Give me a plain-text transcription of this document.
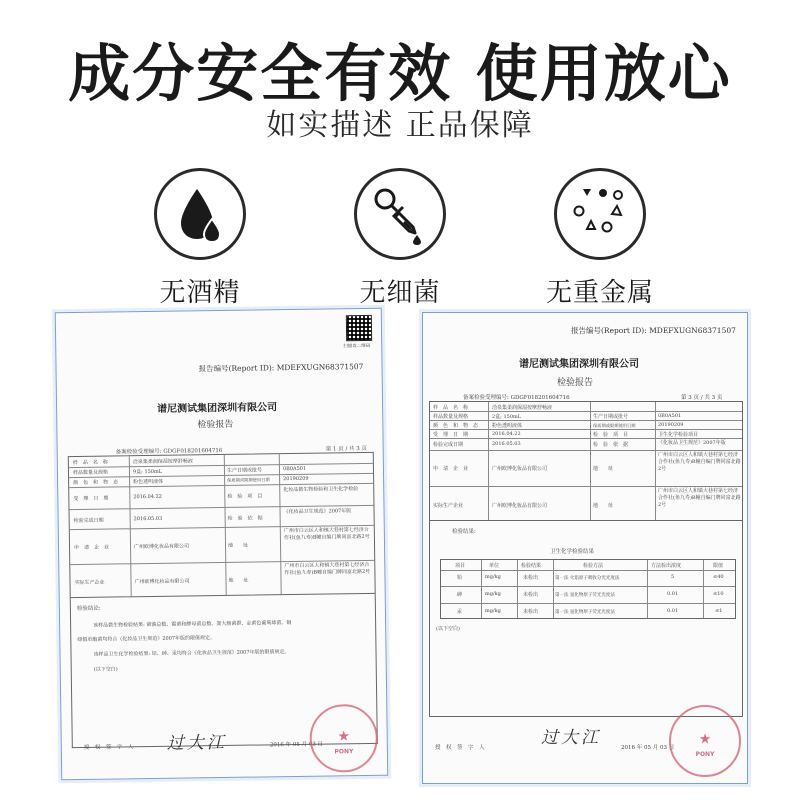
成分安全有效 使用放心
如实描述 正品保障
无酒精	无细菌	无重金属
扫描查二维码
报告编号(Report ID): MDEFXUGN68371507
谱尼测试集团深圳有限公司
检验报告
备案检验受理编号: GDGF018201604716	第 1 页 / 共 3 页
样　品　名　称	洽泉集柔润保湿按摩舒畅液
样品数量及规格	9盒; 150mL	生产日期或批号	0B0A501
颜　色　和　物　态	粉色透明液体	保质期或限期使用日期	20190209
受　理　日　期	2016.04.22	检　验　项　目
化妆品微生物检验和卫生化学检验
检验完成日期	2016.05.03	检　验　依　据
《化妆品卫生规范》2007年版
申　请　企　业	广州欧博化妆品有限公司	地　　址
广州市白云区人和镇大巷村第七经济合作社(鱼九寿)B幢自编门牌同富北路2号
实际生产企业	广州欧博化妆品有限公司	地　　址
广州市白云区人和镇大巷村第七经济合作社(鱼九寿)B幢自编门牌同富北路2号
检验结论:
该样品微生物检验结果: 菌落总数、霉菌和酵母菌总数、粪大肠菌群、金黄色葡萄球菌、铜
绿假单胞菌均符合《化妆品卫生规范》2007年版的限值规定。
该样品卫生化学检验结果: 铅、砷、汞均符合《化妆品卫生规范》2007年版的限值规定。
(以下空白)
授　权　签　字　人 过大江	2016 年 05 月 03 日
★
PONY
报告编号(Report ID): MDEFXUGN68371507
谱尼测试集团深圳有限公司
检验报告
备案检验受理编号: GDGF018201604716	第 3 页 / 共 3 页
样　品　名　称	洽泉集柔润保湿按摩舒畅液
样品数量及规格	2盒; 150mL	生产日期或批号	0B0A501
颜　色　和　物　态	粉色透明液体	保质期或限期使用日期	20190209
受　理　日　期	2016.04.22	检　验　项　目	卫生化学检验项目
检验完成日期	2016.05.03	检　验　依　据	《化妆品卫生规范》2007年版
申　请　企　业	广州欧博化妆品有限公司	地　　址
广州市白云区人和镇大巷村第七经济合作社(鱼九寿)B幢自编门牌同富北路2号
实际生产企业	广州欧博化妆品有限公司	地　　址
广州市白云区人和镇大巷村第七经济合作社(鱼九寿)B幢自编门牌同富北路2号
检验结果:
卫生化学检验结果
项目	单位	检验结果	检验方法	方法检出浓度	限值
铅	mg/kg	未检出	第一法 火焰原子吸收分光光度法	5	≤40
砷	mg/kg	未检出	第一法 氢化物原子荧光光度法	0.01	≤10
汞	mg/kg	未检出	第一法 氢化物原子荧光光度法	0.01	≤1
(以下空白)
授　权　签　字　人	过大江	2016 年 05 月 03 日
★
PONY
